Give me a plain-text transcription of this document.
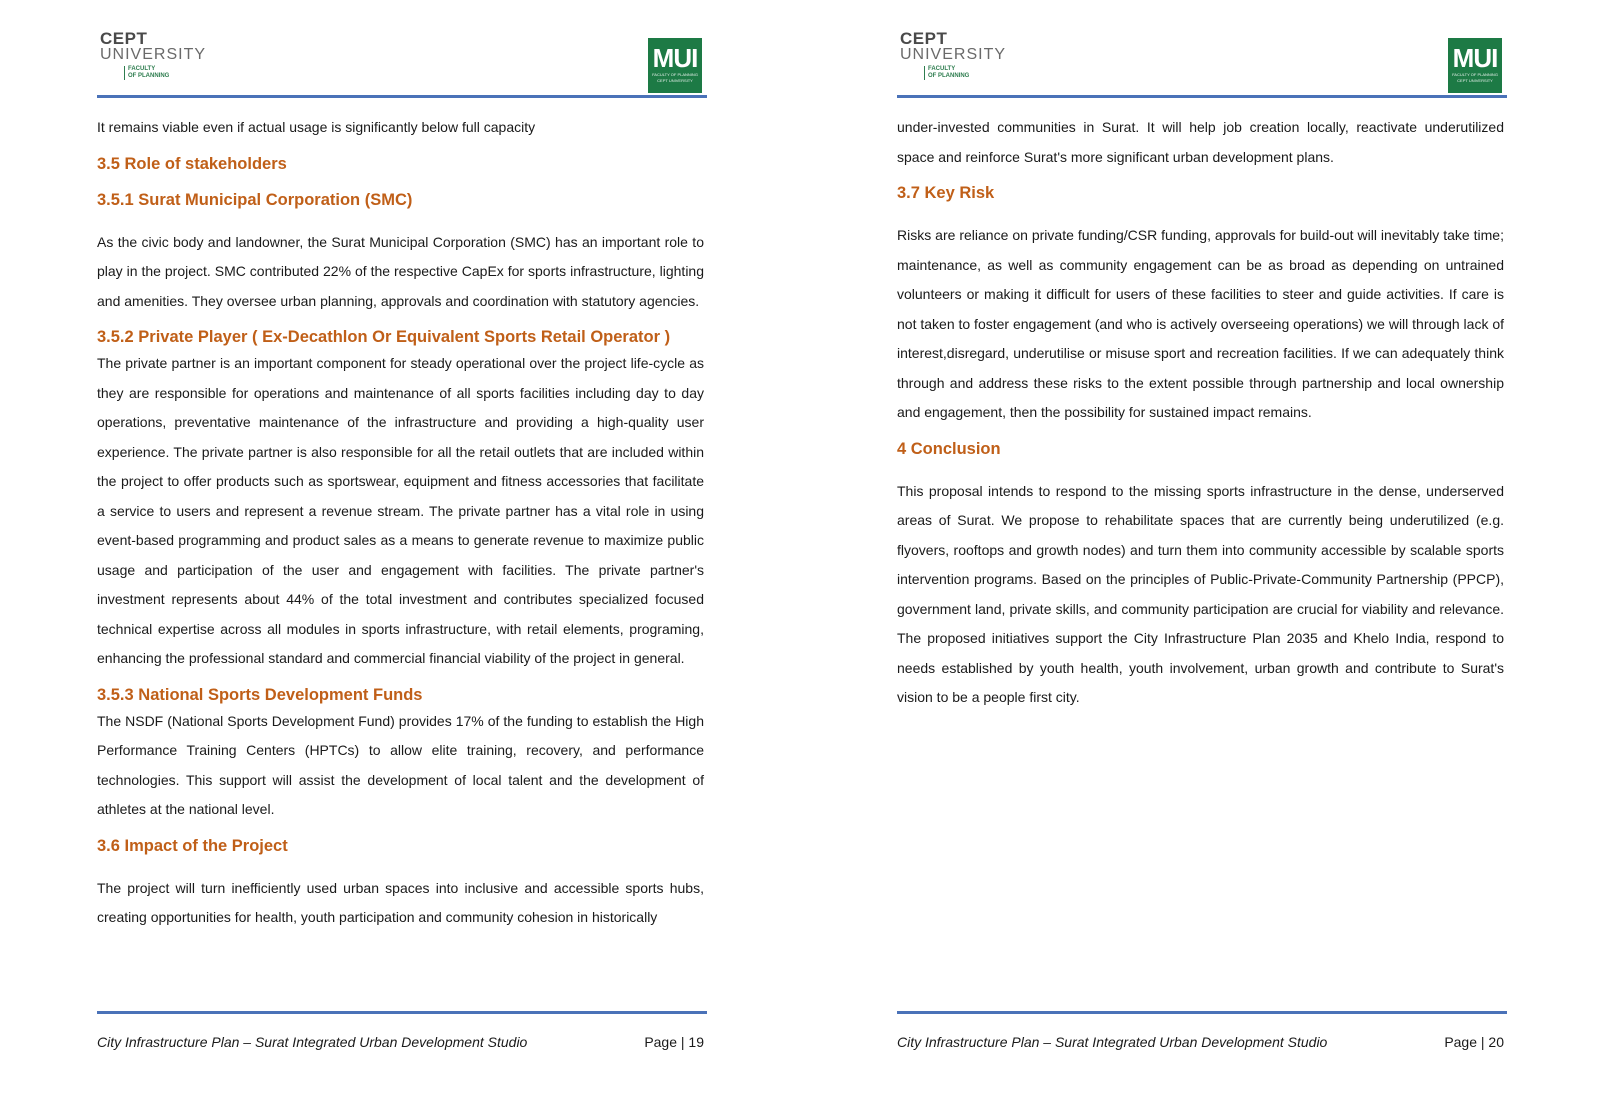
CEPT
UNIVERSITY
FACULTY
OF PLANNING
MUI
FACULTY OF PLANNING
CEPT UNIVERSITY

It remains viable even if actual usage is significantly below full capacity

3.5 Role of stakeholders
3.5.1 Surat Municipal Corporation (SMC)

As the civic body and landowner, the Surat Municipal Corporation (SMC) has an important role to play in the project. SMC contributed 22% of the respective CapEx for sports infrastructure, lighting and amenities. They oversee urban planning, approvals and coordination with statutory agencies.

3.5.2 Private Player ( Ex-Decathlon Or Equivalent Sports Retail Operator )

The private partner is an important component for steady operational over the project life-cycle as they are responsible for operations and maintenance of all sports facilities including day to day operations, preventative maintenance of the infrastructure and providing a high-quality user experience. The private partner is also responsible for all the retail outlets that are included within the project to offer products such as sportswear, equipment and fitness accessories that facilitate a service to users and represent a revenue stream. The private partner has a vital role in using event-based programming and product sales as a means to generate revenue to maximize public usage and participation of the user and engagement with facilities. The private partner's investment represents about 44% of the total investment and contributes specialized focused technical expertise across all modules in sports infrastructure, with retail elements, programing, enhancing the professional standard and commercial financial viability of the project in general.

3.5.3 National Sports Development Funds

The NSDF (National Sports Development Fund) provides 17% of the funding to establish the High Performance Training Centers (HPTCs) to allow elite training, recovery, and performance technologies. This support will assist the development of local talent and the development of athletes at the national level.

3.6 Impact of the Project

The project will turn inefficiently used urban spaces into inclusive and accessible sports hubs, creating opportunities for health, youth participation and community cohesion in historically

City Infrastructure Plan – Surat Integrated Urban Development Studio	Page | 19
CEPT
UNIVERSITY
FACULTY
OF PLANNING
MUI
FACULTY OF PLANNING
CEPT UNIVERSITY

under-invested communities in Surat. It will help job creation locally, reactivate underutilized space and reinforce Surat's more significant urban development plans.

3.7 Key Risk

Risks are reliance on private funding/CSR funding, approvals for build-out will inevitably take time; maintenance, as well as community engagement can be as broad as depending on untrained volunteers or making it difficult for users of these facilities to steer and guide activities. If care is not taken to foster engagement (and who is actively overseeing operations) we will through lack of interest,disregard, underutilise or misuse sport and recreation facilities. If we can adequately think through and address these risks to the extent possible through partnership and local ownership and engagement, then the possibility for sustained impact remains.

4 Conclusion

This proposal intends to respond to the missing sports infrastructure in the dense, underserved areas of Surat. We propose to rehabilitate spaces that are currently being underutilized (e.g. flyovers, rooftops and growth nodes) and turn them into community accessible by scalable sports intervention programs. Based on the principles of Public-Private-Community Partnership (PPCP), government land, private skills, and community participation are crucial for viability and relevance. The proposed initiatives support the City Infrastructure Plan 2035 and Khelo India, respond to needs established by youth health, youth involvement, urban growth and contribute to Surat's vision to be a people first city.

City Infrastructure Plan – Surat Integrated Urban Development Studio	Page | 20
